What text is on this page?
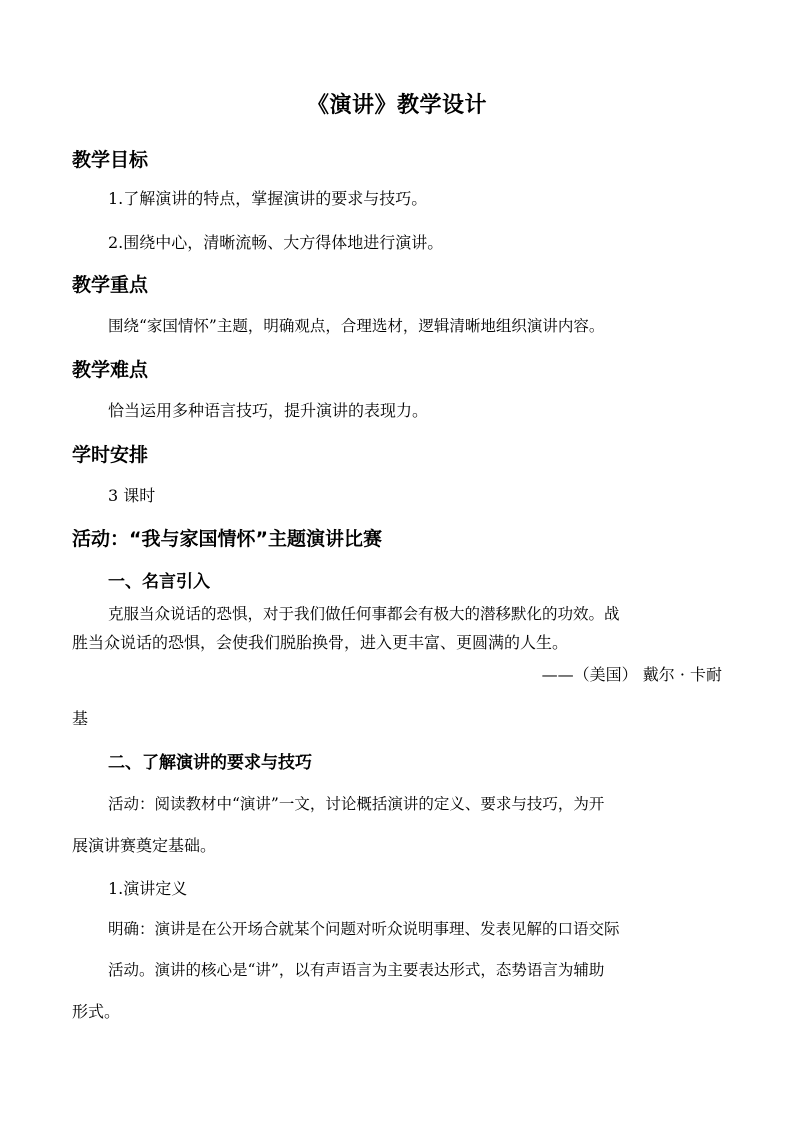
《演讲》教学设计
教学目标
1.了解演讲的特点，掌握演讲的要求与技巧。
2.围绕中心，清晰流畅、大方得体地进行演讲。
教学重点
围绕“家国情怀”主题，明确观点，合理选材，逻辑清晰地组织演讲内容。
教学难点
恰当运用多种语言技巧，提升演讲的表现力。
学时安排
3 课时
活动：“我与家国情怀”主题演讲比赛
一、名言引入
克服当众说话的恐惧，对于我们做任何事都会有极大的潜移默化的功效。战
胜当众说话的恐惧，会使我们脱胎换骨，进入更丰富、更圆满的人生。
——（美国） 戴尔 · 卡耐
基
二、了解演讲的要求与技巧
活动：阅读教材中“演讲”一文，讨论概括演讲的定义、要求与技巧，为开
展演讲赛奠定基础。
1.演讲定义
明确：演讲是在公开场合就某个问题对听众说明事理、发表见解的口语交际
活动。演讲的核心是“讲”，以有声语言为主要表达形式，态势语言为辅助
形式。
